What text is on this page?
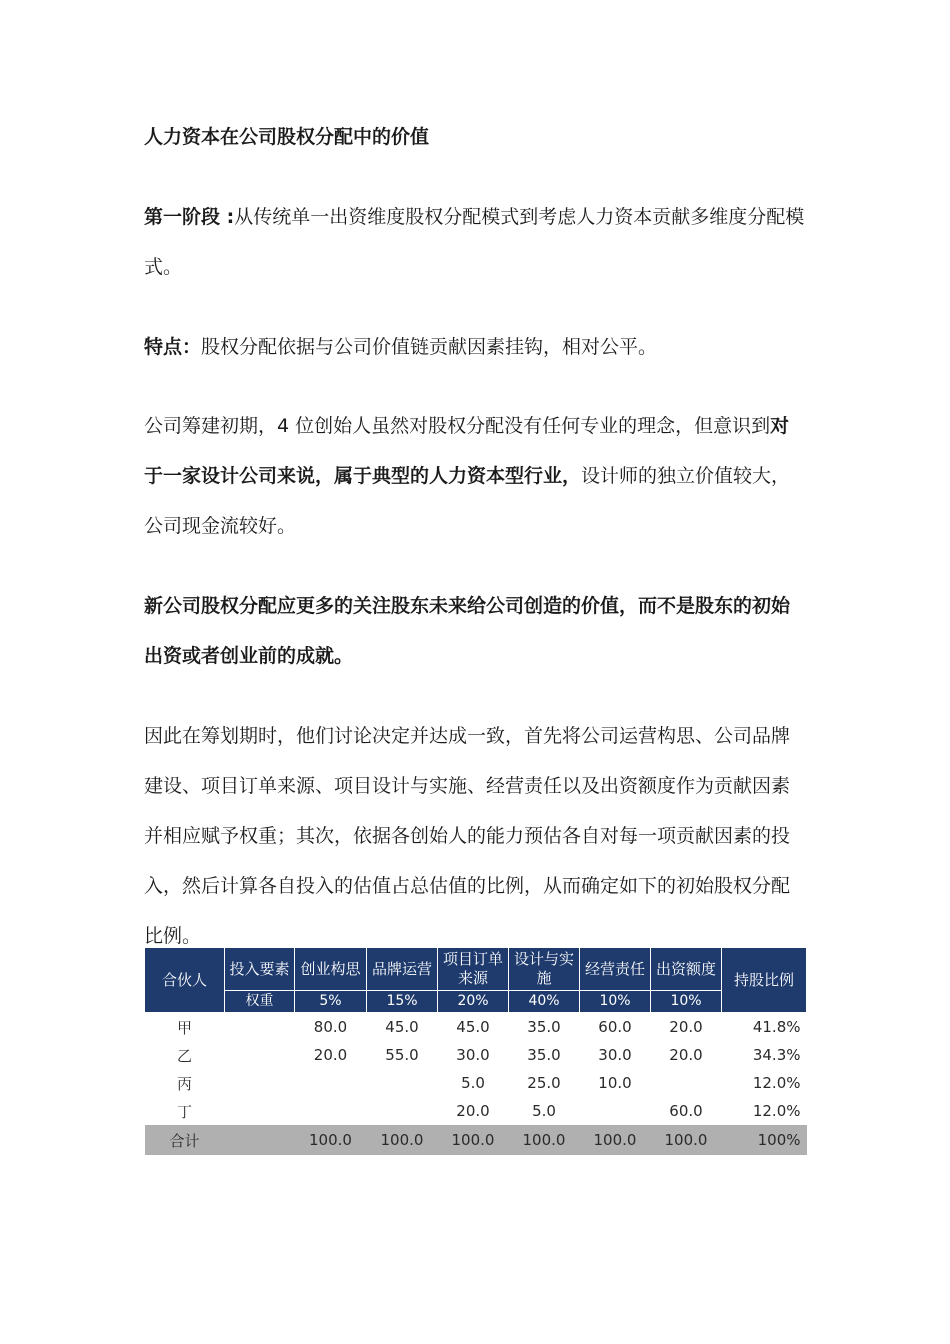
人力资本在公司股权分配中的价值

第一阶段 :从传统单一出资维度股权分配模式到考虑人力资本贡献多维度分配模式。

特点：股权分配依据与公司价值链贡献因素挂钩，相对公平。

公司筹建初期，4 位创始人虽然对股权分配没有任何专业的理念，但意识到对于一家设计公司来说，属于典型的人力资本型行业，设计师的独立价值较大，公司现金流较好。

新公司股权分配应更多的关注股东未来给公司创造的价值，而不是股东的初始出资或者创业前的成就。

因此在筹划期时，他们讨论决定并达成一致，首先将公司运营构思、公司品牌建设、项目订单来源、项目设计与实施、经营责任以及出资额度作为贡献因素并相应赋予权重；其次，依据各创始人的能力预估各自对每一项贡献因素的投入，然后计算各自投入的估值占总估值的比例，从而确定如下的初始股权分配比例。

合伙人	投入要素	创业构思	品牌运营	项目订单来源	设计与实施	经营责任	出资额度	持股比例
	权重	5%	15%	20%	40%	10%	10%	
甲		80.0	45.0	45.0	35.0	60.0	20.0	41.8%
乙		20.0	55.0	30.0	35.0	30.0	20.0	34.3%
丙				5.0	25.0	10.0		12.0%
丁				20.0	5.0		60.0	12.0%
合计		100.0	100.0	100.0	100.0	100.0	100.0	100%
